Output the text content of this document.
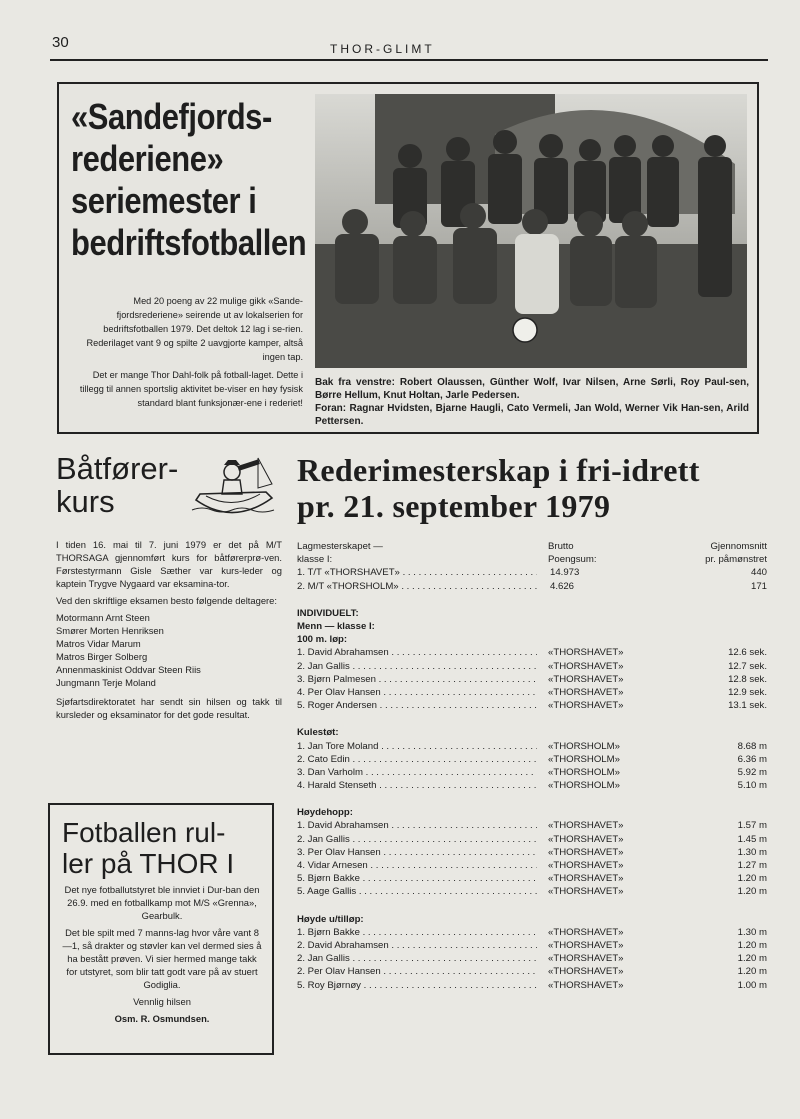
30	THOR-GLIMT
«Sandefjords-
rederiene»
seriemester i
bedriftsfotballen

Med 20 poeng av 22 mulige gikk «Sande-fjordsrederiene» seirende ut av lokalserien for bedriftsfotballen 1979. Det deltok 12 lag i se-rien. Rederilaget vant 9 og spilte 2 uavgjorte kamper, altså ingen tap.

Det er mange Thor Dahl-folk på fotball-laget. Dette i tillegg til annen sportslig aktivitet be-viser en høy fysisk standard blant funksjonær-ene i rederiet!

Bak fra venstre: Robert Olaussen, Günther Wolf, Ivar Nilsen, Arne Sørli, Roy Paul-sen, Børre Hellum, Knut Holtan, Jarle Pedersen.
Foran: Ragnar Hvidsten, Bjarne Haugli, Cato Vermeli, Jan Wold, Werner Vik Han-sen, Arild Pettersen.
Båtfører-
kurs

I tiden 16. mai til 7. juni 1979 er det på M/T THORSAGA gjennomført kurs for båtførerprø-ven. Førstestyrmann Gisle Sæther var kurs-leder og kaptein Trygve Nygaard var eksamina-tor.

Ved den skriftlige eksamen besto følgende deltagere:

Motormann Arnt Steen
Smører Morten Henriksen
Matros Vidar Marum
Matros Birger Solberg
Annenmaskinist Oddvar Steen Riis
Jungmann Terje Moland

Sjøfartsdirektoratet har sendt sin hilsen og takk til kursleder og eksaminator for det gode resultat.

Fotballen rul-
ler på THOR I

Det nye fotballutstyret ble innviet i Dur-ban den 26.9. med en fotballkamp mot M/S «Grenna», Gearbulk.

Det ble spilt med 7 manns-lag hvor våre vant 8—1, så drakter og støvler kan vel dermed sies å ha bestått prøven. Vi sier hermed mange takk for utstyret, som blir tatt godt vare på av stuert Godiglia.

Vennlig hilsen

Osm. R. Osmundsen.

Rederimesterskap i fri-idrett
pr. 21. september 1979
Lagmesterskapet —	Brutto	Gjennomsnitt
klasse I:	Poengsum:	pr. påmønstret
1. T/T «THORSHAVET» . . .	14.973	440
2. M/T «THORSHOLM» . . .	4.626	171
INDIVIDUELT:
Menn — klasse I:
100 m. løp:
1. David Abrahamsen . . .	«THORSHAVET»	12.6 sek.
2. Jan Gallis . . .	«THORSHAVET»	12.7 sek.
3. Bjørn Palmesen . . .	«THORSHAVET»	12.8 sek.
4. Per Olav Hansen . . .	«THORSHAVET»	12.9 sek.
5. Roger Andersen . . .	«THORSHAVET»	13.1 sek.
Kulestøt:
1. Jan Tore Moland . . .	«THORSHOLM»	8.68 m
2. Cato Edin . . .	«THORSHOLM»	6.36 m
3. Dan Varholm . . .	«THORSHOLM»	5.92 m
4. Harald Stenseth . . .	«THORSHOLM»	5.10 m
Høydehopp:
1. David Abrahamsen . . .	«THORSHAVET»	1.57 m
2. Jan Gallis . . .	«THORSHAVET»	1.45 m
3. Per Olav Hansen . . .	«THORSHAVET»	1.30 m
4. Vidar Arnesen . . .	«THORSHAVET»	1.27 m
5. Bjørn Bakke . . .	«THORSHAVET»	1.20 m
5. Aage Gallis . . .	«THORSHAVET»	1.20 m
Høyde u/tilløp:
1. Bjørn Bakke . . .	«THORSHAVET»	1.30 m
2. David Abrahamsen . . .	«THORSHAVET»	1.20 m
2. Jan Gallis . . .	«THORSHAVET»	1.20 m
2. Per Olav Hansen . . .	«THORSHAVET»	1.20 m
5. Roy Bjørnøy . . .	«THORSHAVET»	1.00 m
